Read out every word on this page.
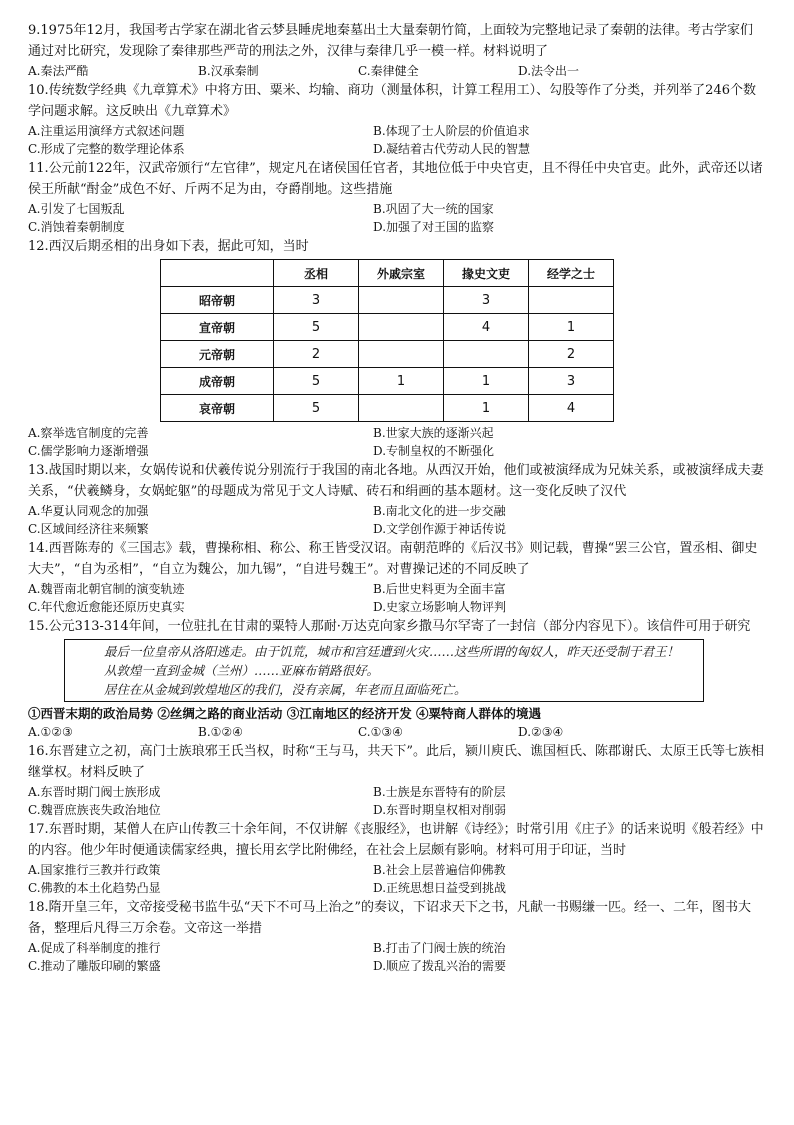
9.1975年12月，我国考古学家在湖北省云梦县睡虎地秦墓出土大量秦朝竹简，上面较为完整地记录了秦朝的法律。考古学家们通过对比研究，发现除了秦律那些严苛的刑法之外，汉律与秦律几乎一模一样。材料说明了

A.秦法严酷	B.汉承秦制	C.秦律健全	D.法令出一

10.传统数学经典《九章算术》中将方田、粟米、均输、商功（测量体积，计算工程用工）、勾股等作了分类，并列举了246个数学问题求解。这反映出《九章算术》

A.注重运用演绎方式叙述问题	B.体现了士人阶层的价值追求
C.形成了完整的数学理论体系	D.凝结着古代劳动人民的智慧

11.公元前122年，汉武帝颁行“左官律”，规定凡在诸侯国任官者，其地位低于中央官吏，且不得任中央官吏。此外，武帝还以诸侯王所献“酎金”成色不好、斤两不足为由，夺爵削地。这些措施

A.引发了七国叛乱	B.巩固了大一统的国家
C.消蚀着秦朝制度	D.加强了对王国的监察

12.西汉后期丞相的出身如下表，据此可知，当时

	丞相	外戚宗室	掾史文吏	经学之士
昭帝朝	3		3	
宣帝朝	5		4	1
元帝朝	2			2
成帝朝	5	1	1	3
哀帝朝	5		1	4
A.察举选官制度的完善	B.世家大族的逐渐兴起
C.儒学影响力逐渐增强	D.专制皇权的不断强化

13.战国时期以来，女娲传说和伏羲传说分别流行于我国的南北各地。从西汉开始，他们或被演绎成为兄妹关系，或被演绎成夫妻关系，“伏羲鳞身，女娲蛇躯”的母题成为常见于文人诗赋、砖石和绢画的基本题材。这一变化反映了汉代

A.华夏认同观念的加强	B.南北文化的进一步交融
C.区域间经济往来频繁	D.文学创作源于神话传说

14.西晋陈寿的《三国志》载，曹操称相、称公、称王皆受汉诏。南朝范晔的《后汉书》则记载，曹操“罢三公官，置丞相、御史大夫”，“自为丞相”，“自立为魏公，加九锡”，“自进号魏王”。对曹操记述的不同反映了

A.魏晋南北朝官制的演变轨迹	B.后世史料更为全面丰富
C.年代愈近愈能还原历史真实	D.史家立场影响人物评判

15.公元313-314年间，一位驻扎在甘肃的粟特人那耐·万达克向家乡撒马尔罕寄了一封信（部分内容见下）。该信件可用于研究

最后一位皇帝从洛阳逃走。由于饥荒，城市和宫廷遭到火灾……这些所谓的匈奴人，昨天还受制于君王！

从敦煌一直到金城（兰州）……亚麻布销路很好。

居住在从金城到敦煌地区的我们，没有亲属，年老而且面临死亡。

①西晋末期的政治局势 ②丝绸之路的商业活动 ③江南地区的经济开发 ④粟特商人群体的境遇

A.①②③	B.①②④	C.①③④	D.②③④

16.东晋建立之初，高门士族琅邪王氏当权，时称“王与马，共天下”。此后，颍川庾氏、谯国桓氏、陈郡谢氏、太原王氏等七族相继掌权。材料反映了

A.东晋时期门阀士族形成	B.士族是东晋特有的阶层
C.魏晋庶族丧失政治地位	D.东晋时期皇权相对削弱

17.东晋时期，某僧人在庐山传教三十余年间，不仅讲解《丧服经》，也讲解《诗经》；时常引用《庄子》的话来说明《般若经》中的内容。他少年时便通读儒家经典，擅长用玄学比附佛经，在社会上层颇有影响。材料可用于印证，当时

A.国家推行三教并行政策	B.社会上层普遍信仰佛教
C.佛教的本土化趋势凸显	D.正统思想日益受到挑战

18.隋开皇三年，文帝接受秘书监牛弘“天下不可马上治之”的奏议，下诏求天下之书，凡献一书赐缣一匹。经一、二年，图书大备，整理后凡得三万余卷。文帝这一举措

A.促成了科举制度的推行	B.打击了门阀士族的统治
C.推动了雕版印刷的繁盛	D.顺应了拨乱兴治的需要
